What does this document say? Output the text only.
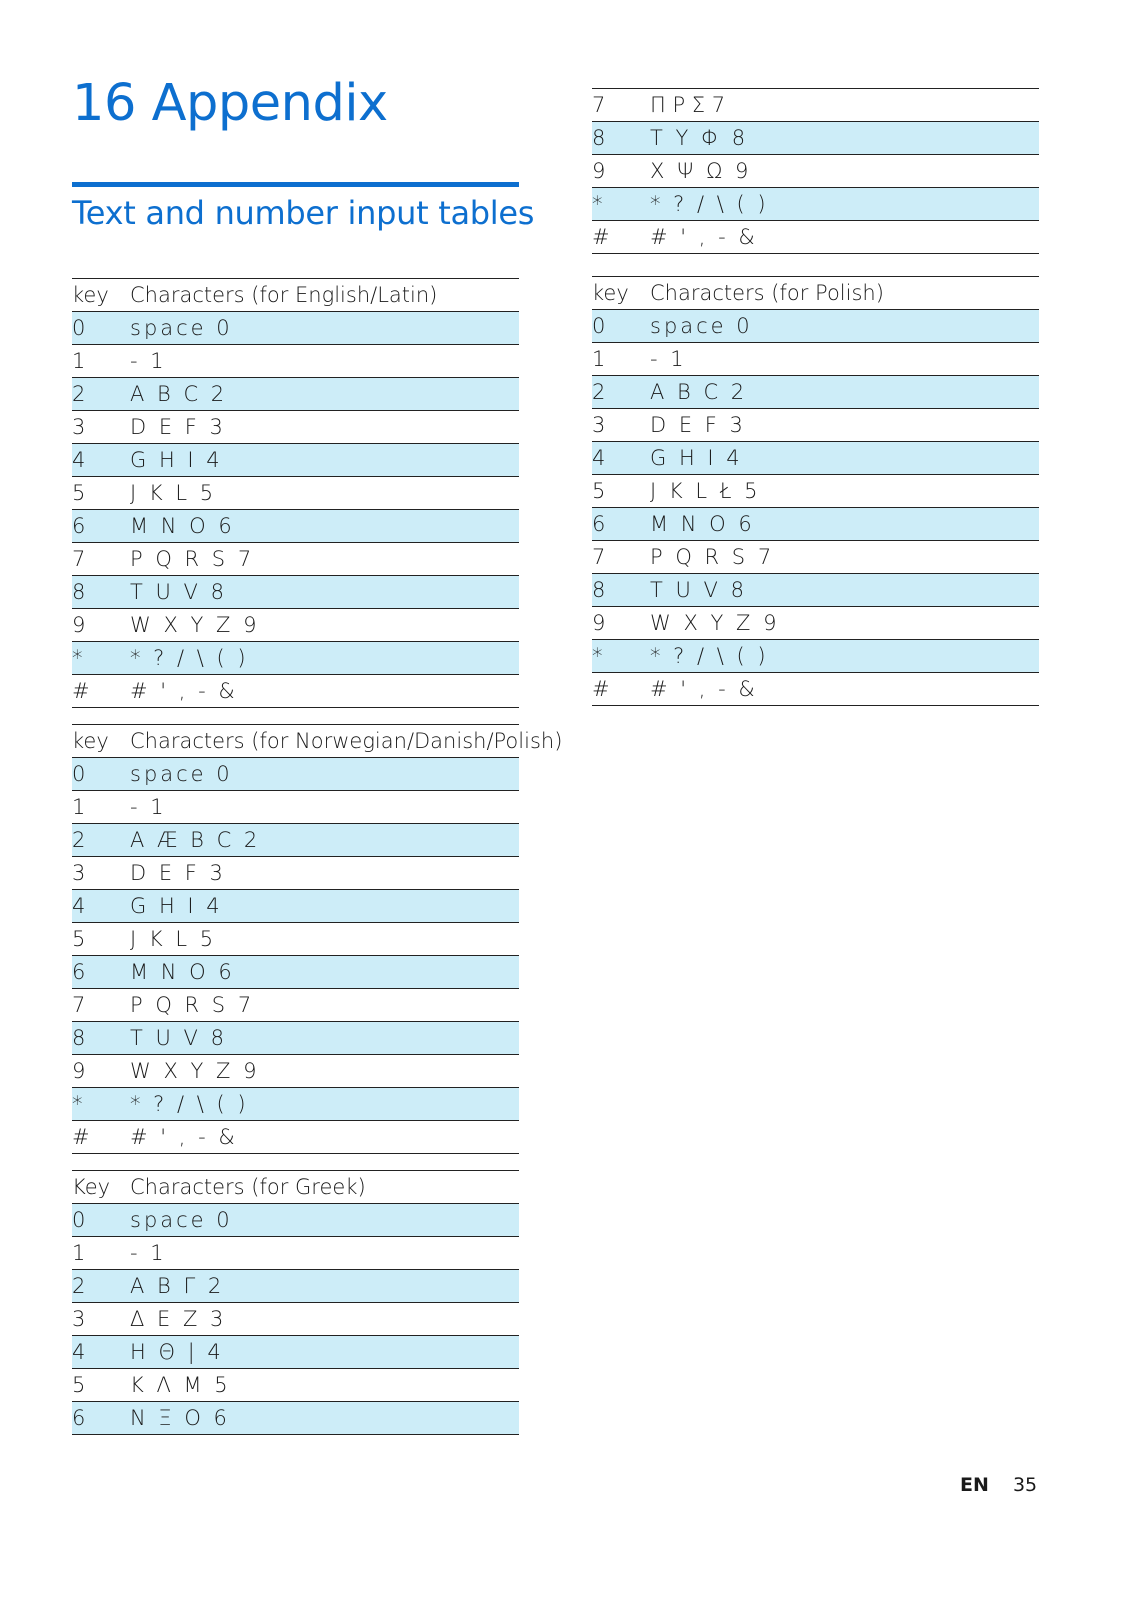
16 Appendix
Text and number input tables
key	Characters (for English/Latin)
0	space 0
1	- 1
2	A B C 2
3	D E F 3
4	G H I 4
5	J K L 5
6	M N O 6
7	P Q R S 7
8	T U V 8
9	W X Y Z 9
*	* ? / \ ( )
#	# ' , - &
key	Characters (for Norwegian/Danish/Polish)
0	space 0
1	- 1
2	A Æ B C 2
3	D E F 3
4	G H I 4
5	J K L 5
6	M N O 6
7	P Q R S 7
8	T U V 8
9	W X Y Z 9
*	* ? / \ ( )
#	# ' , - &
Key	Characters (for Greek)
0	space 0
1	- 1
2	A B Γ 2
3	Δ E Z 3
4	H Θ | 4
5	K Λ M 5
6	N Ξ O 6
7	Π P Σ 7
8	T Y Φ 8
9	X Ψ Ω 9
*	* ? / \ ( )
#	# ' , - &
key	Characters (for Polish)
0	space 0
1	- 1
2	A B C 2
3	D E F 3
4	G H I 4
5	J K L Ł 5
6	M N O 6
7	P Q R S 7
8	T U V 8
9	W X Y Z 9
*	* ? / \ ( )
#	# ' , - &
EN 35
